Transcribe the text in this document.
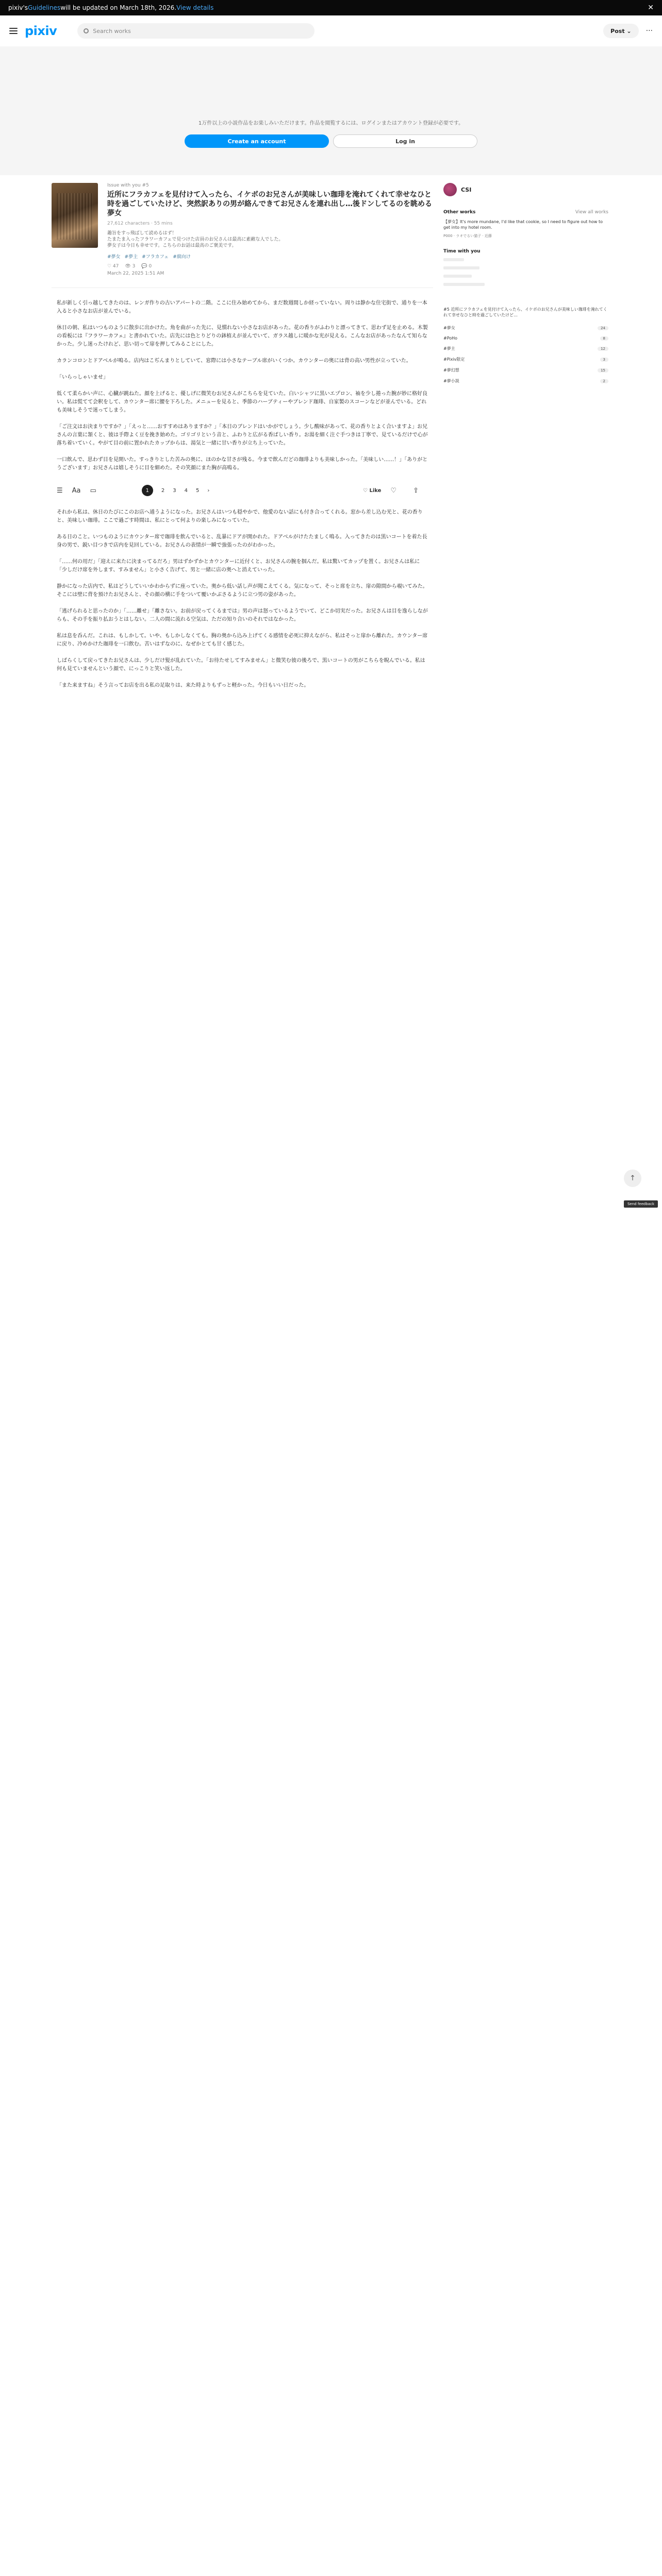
pixiv's Guidelines will be updated on March 18th, 2026. View details	✕
pixiv	Search works	Post ⌄	···
1万件以上の小説作品をお楽しみいただけます。作品を閲覧するには、ログインまたはアカウント登録が必要です。
Create an account	Log in
Issue with you #5
近所にフラカフェを見付けて入ったら、イケボのお兄さんが美味しい珈琲を淹れてくれて幸せなひと時を過ごしていたけど、突然訳ありの男が絡んできてお兄さんを連れ出し…後ドンしてるのを眺める夢女
27,612 characters · 55 mins
趣旨をすっ飛ばして読めるはず！
たまたま入ったフラワーカフェで見つけた店員のお兄さんは最高に素敵な人でした。
夢女子は今日も幸せです。こちらのお話は最高のご褒美です。
#夢女 #夢主 #フラカフェ #腐向け
♡ 47 👁 3 💬 0
March 22, 2025 1:51 AM

私が新しく引っ越してきたのは、レンガ作りの古いアパートの二階。ここに住み始めてから、まだ数週間しか経っていない。周りは静かな住宅街で、通りを一本入ると小さなお店が並んでいる。

休日の朝、私はいつものように散歩に出かけた。角を曲がった先に、見慣れない小さなお店があった。花の香りがふわりと漂ってきて、思わず足を止める。木製の看板には『フラワーカフェ』と書かれていた。店先には色とりどりの鉢植えが並んでいて、ガラス越しに暖かな光が見える。こんなお店があったなんて知らなかった。少し迷ったけれど、思い切って扉を押してみることにした。

カランコロンとドアベルが鳴る。店内はこぢんまりとしていて、窓際には小さなテーブル席がいくつか。カウンターの奥には背の高い男性が立っていた。

「いらっしゃいませ」

低くて柔らかい声に、心臓が跳ねた。顔を上げると、優しげに微笑むお兄さんがこちらを見ていた。白いシャツに黒いエプロン、袖を少し捲った腕が妙に格好良い。私は慌てて会釈をして、カウンター席に腰を下ろした。メニューを見ると、季節のハーブティーやブレンド珈琲、自家製のスコーンなどが並んでいる。どれも美味しそうで迷ってしまう。

「ご注文はお決まりですか？」「えっと……おすすめはありますか？」「本日のブレンドはいかがでしょう。少し酸味があって、花の香りとよく合いますよ」お兄さんの言葉に頷くと、彼は手際よく豆を挽き始めた。ゴリゴリという音と、ふわりと広がる香ばしい香り。お湯を細く注ぐ手つきは丁寧で、見ているだけで心が落ち着いていく。やがて目の前に置かれたカップからは、湯気と一緒に甘い香りが立ち上っていた。

一口飲んで、思わず目を見開いた。すっきりとした苦みの奥に、ほのかな甘さが残る。今まで飲んだどの珈琲よりも美味しかった。「美味しい……！」「ありがとうございます」お兄さんは嬉しそうに目を細めた。その笑顔にまた胸が高鳴る。

☰ Aa ▭	1	2 3 4 5 ›	♡ Like ♡ ⇪

それから私は、休日のたびにこのお店へ通うようになった。お兄さんはいつも穏やかで、他愛のない話にも付き合ってくれる。窓から差し込む光と、花の香りと、美味しい珈琲。ここで過ごす時間は、私にとって何よりの楽しみになっていた。

ある日のこと。いつものようにカウンター席で珈琲を飲んでいると、乱暴にドアが開かれた。ドアベルがけたたましく鳴る。入ってきたのは黒いコートを着た長身の男で、鋭い目つきで店内を見回している。お兄さんの表情が一瞬で強張ったのがわかった。

「……何の用だ」「迎えに来たに決まってるだろ」男はずかずかとカウンターに近付くと、お兄さんの腕を掴んだ。私は驚いてカップを置く。お兄さんは私に「少しだけ席を外します、すみません」と小さく告げて、男と一緒に店の奥へと消えていった。

静かになった店内で、私はどうしていいかわからずに座っていた。奥から低い話し声が聞こえてくる。気になって、そっと席を立ち、扉の隙間から覗いてみた。そこには壁に背を預けたお兄さんと、その顔の横に手をついて覆いかぶさるように立つ男の姿があった。

「逃げられると思ったのか」「……離せ」「離さない。お前が戻ってくるまでは」男の声は怒っているようでいて、どこか切実だった。お兄さんは目を逸らしながらも、その手を振り払おうとはしない。二人の間に流れる空気は、ただの知り合いのそれではなかった。

私は息を呑んだ。これは、もしかして。いや、もしかしなくても。胸の奥から込み上げてくる感情を必死に抑えながら、私はそっと扉から離れた。カウンター席に戻り、冷めかけた珈琲を一口飲む。苦いはずなのに、なぜかとても甘く感じた。

しばらくして戻ってきたお兄さんは、少しだけ髪が乱れていた。「お待たせしてすみません」と微笑む彼の後ろで、黒いコートの男がこちらを睨んでいる。私は何も見ていませんという顔で、にっこりと笑い返した。

「また来ますね」そう言ってお店を出る私の足取りは、来た時よりもずっと軽かった。今日もいい日だった。

CSI
Other works	View all works
【夢女】It's more mundane, I'd like that cookie, so I need to figure out how to get into my hotel room.
P000 · ラオでるい猫子 · 近藤
Time with you
#5 近所にフラカフェを見付けて入ったら、イケボのお兄さんが美味しい珈琲を淹れてくれて幸せなひと時を過ごしていたけど…
#夢女	24
#PoHo	8
#夢主	12
#Pixiv限定	3
#夢幻想	15
#夢小説	2
↑
Send feedback
